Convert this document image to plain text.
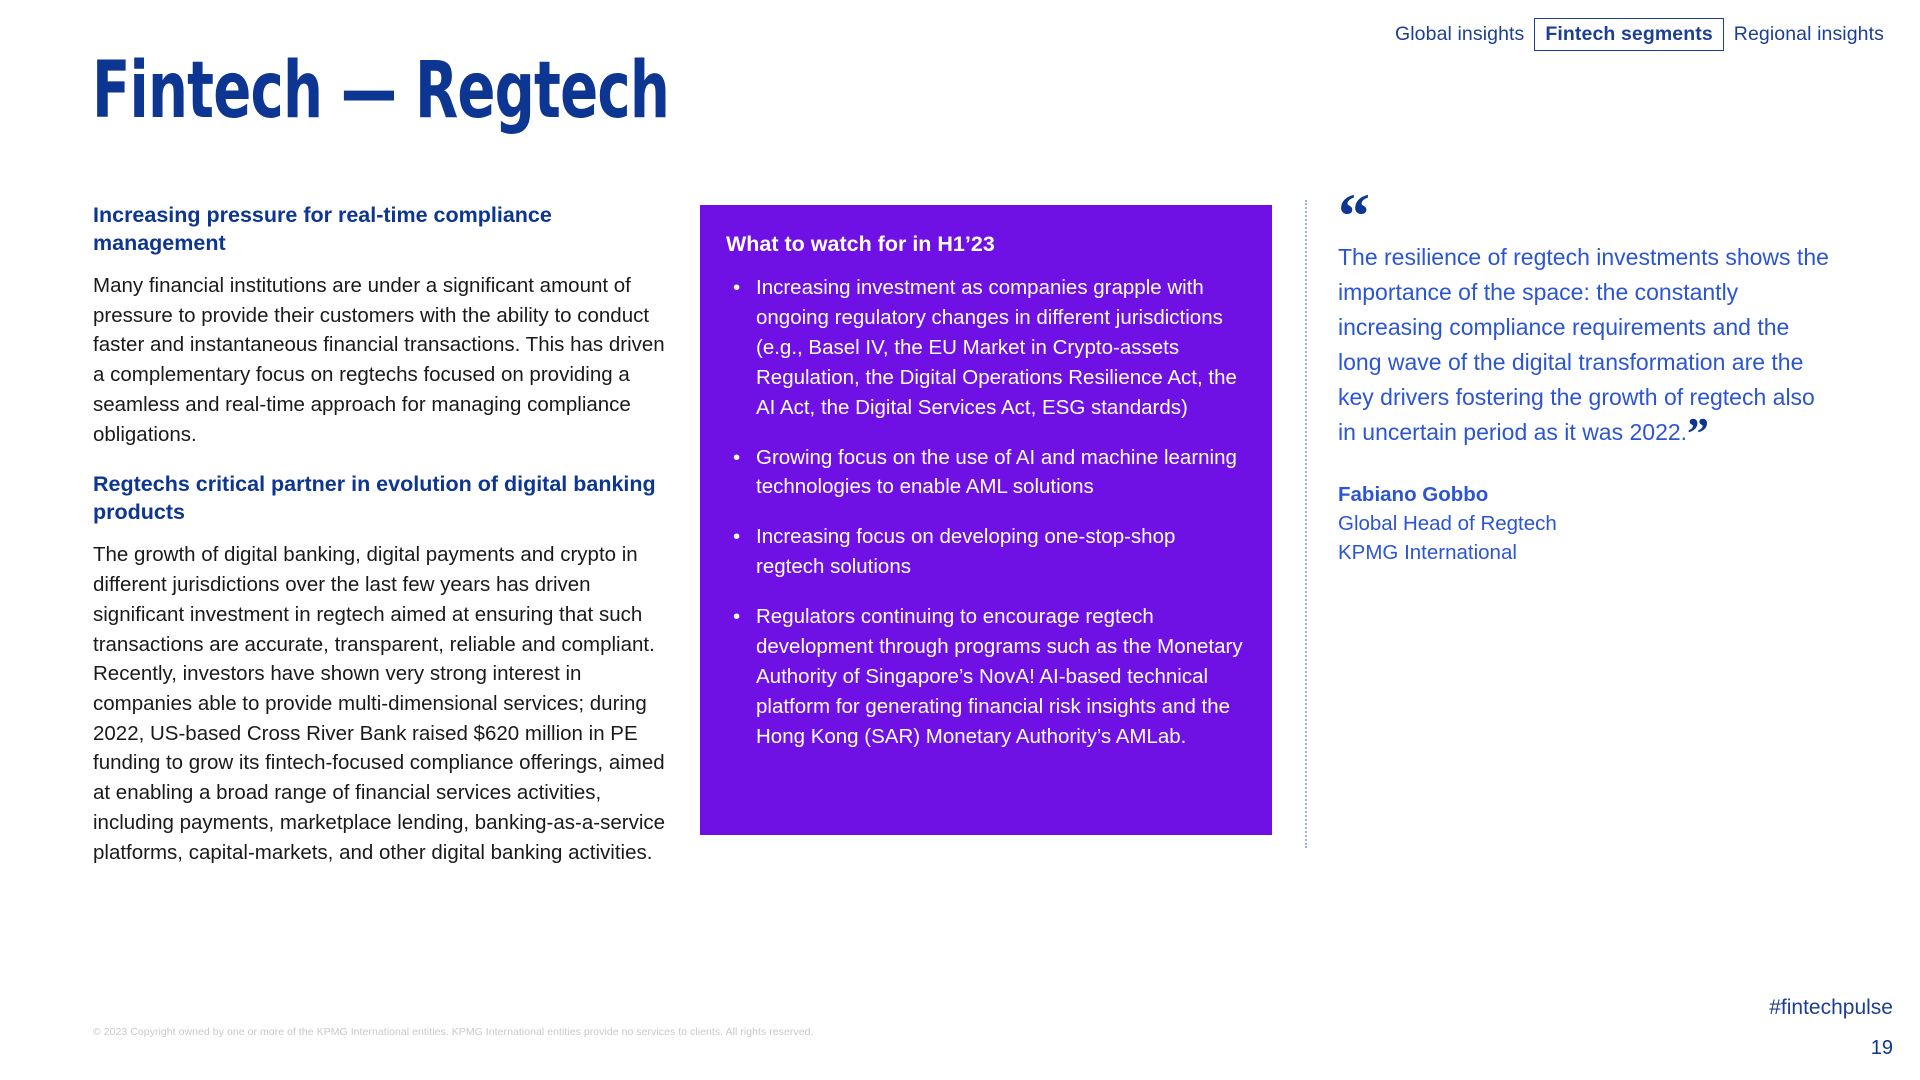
Global insights	Fintech segments	Regional insights
Fintech — Regtech
Increasing pressure for real-time compliance management

Many financial institutions are under a significant amount of pressure to provide their customers with the ability to conduct faster and instantaneous financial transactions. This has driven a complementary focus on regtechs focused on providing a seamless and real-time approach for managing compliance obligations.

Regtechs critical partner in evolution of digital banking products

The growth of digital banking, digital payments and crypto in different jurisdictions over the last few years has driven significant investment in regtech aimed at ensuring that such transactions are accurate, transparent, reliable and compliant. Recently, investors have shown very strong interest in companies able to provide multi-dimensional services; during 2022, US-based Cross River Bank raised $620 million in PE funding to grow its fintech-focused compliance offerings, aimed at enabling a broad range of financial services activities, including payments, marketplace lending, banking-as-a-service platforms, capital-markets, and other digital banking activities.

What to watch for in H1’23
• Increasing investment as companies grapple with ongoing regulatory changes in different jurisdictions (e.g., Basel IV, the EU Market in Crypto-assets Regulation, the Digital Operations Resilience Act, the AI Act, the Digital Services Act, ESG standards)
• Growing focus on the use of AI and machine learning technologies to enable AML solutions
• Increasing focus on developing one-stop-shop regtech solutions
• Regulators continuing to encourage regtech development through programs such as the Monetary Authority of Singapore’s NovA! AI-based technical platform for generating financial risk insights and the Hong Kong (SAR) Monetary Authority’s AMLab.
“

The resilience of regtech investments shows the importance of the space: the constantly increasing compliance requirements and the long wave of the digital transformation are the key drivers fostering the growth of regtech also in uncertain period as it was 2022.”

Fabiano Gobbo
Global Head of Regtech
KPMG International
© 2023 Copyright owned by one or more of the KPMG International entities. KPMG International entities provide no services to clients. All rights reserved.
#fintechpulse
19
